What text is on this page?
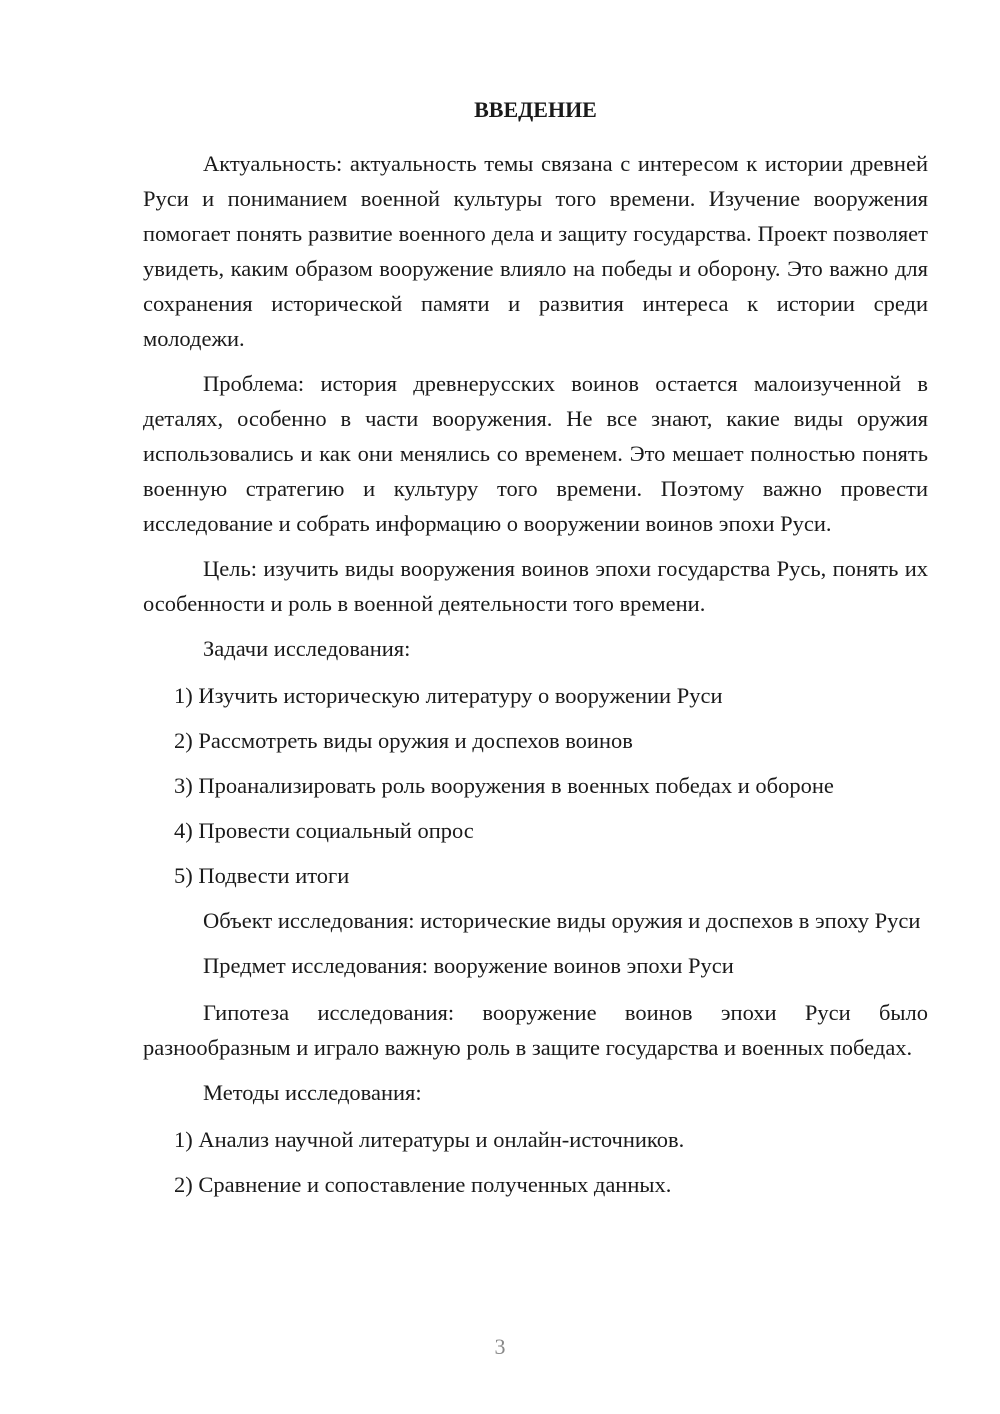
ВВЕДЕНИЕ

Актуальность: актуальность темы связана с интересом к истории древней Руси и пониманием военной культуры того времени. Изучение вооружения помогает понять развитие военного дела и защиту государства. Проект позволяет увидеть, каким образом вооружение влияло на победы и оборону. Это важно для сохранения исторической памяти и развития интереса к истории среди молодежи.

Проблема: история древнерусских воинов остается малоизученной в деталях, особенно в части вооружения. Не все знают, какие виды оружия использовались и как они менялись со временем. Это мешает полностью понять военную стратегию и культуру того времени. Поэтому важно провести исследование и собрать информацию о вооружении воинов эпохи Руси.

Цель: изучить виды вооружения воинов эпохи государства Русь, понять их особенности и роль в военной деятельности того времени.

Задачи исследования:

1) Изучить историческую литературу о вооружении Руси
2) Рассмотреть виды оружия и доспехов воинов
3) Проанализировать роль вооружения в военных победах и обороне
4) Провести социальный опрос
5) Подвести итоги

Объект исследования: исторические виды оружия и доспехов в эпоху Руси

Предмет исследования: вооружение воинов эпохи Руси

Гипотеза исследования: вооружение воинов эпохи Руси было разнообразным и играло важную роль в защите государства и военных победах.

Методы исследования:

1) Анализ научной литературы и онлайн-источников.
2) Сравнение и сопоставление полученных данных.
3
